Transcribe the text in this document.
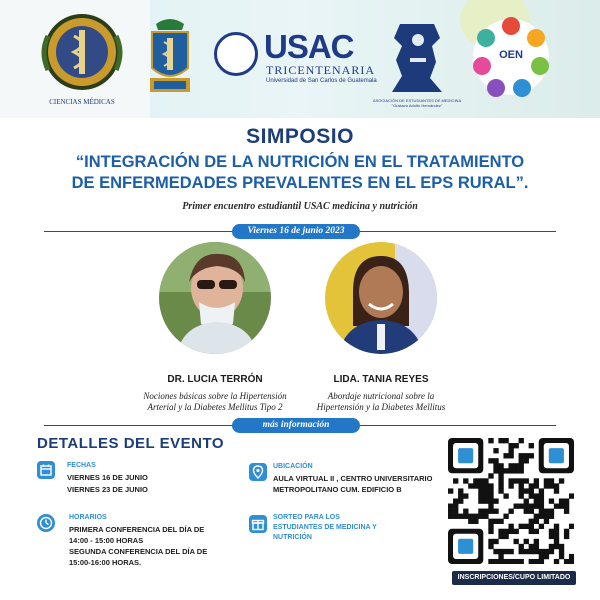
CIENCIAS MÉDICAS
USAC
TRICENTENARIA
Universidad de San Carlos de Guatemala
ASOCIACIÓN DE ESTUDIANTES DE MEDICINA "Gustavo Adolfo Hernández"
OEN
SIMPOSIO
“INTEGRACIÓN DE LA NUTRICIÓN EN EL TRATAMIENTO
DE ENFERMEDADES PREVALENTES EN EL EPS RURAL”.
Primer encuentro estudiantil USAC medicina y nutrición
Viernes 16 de junio 2023
DR. LUCIA TERRÓN
Nociones básicas sobre la Hipertensión
Arterial y la Diabetes Mellitus Tipo 2
LIDA. TANIA REYES
Abordaje nutricional sobre la
Hipertensión y la Diabetes Mellitus
más información
DETALLES DEL EVENTO
FECHAS
VIERNES 16 DE JUNIO
VIERNES 23 DE JUNIO
HORARIOS
PRIMERA CONFERENCIA DEL DÍA DE
14:00 - 15:00 HORAS
SEGUNDA CONFERENCIA DEL DÍA DE
15:00-16:00 HORAS.
UBICACIÓN
AULA VIRTUAL II , CENTRO UNIVERSITARIO
METROPOLITANO CUM. EDIFICIO B
SORTEO PARA LOS
ESTUDIANTES DE MEDICINA Y
NUTRICIÓN
INSCRIPCIONES/CUPO LIMITADO
